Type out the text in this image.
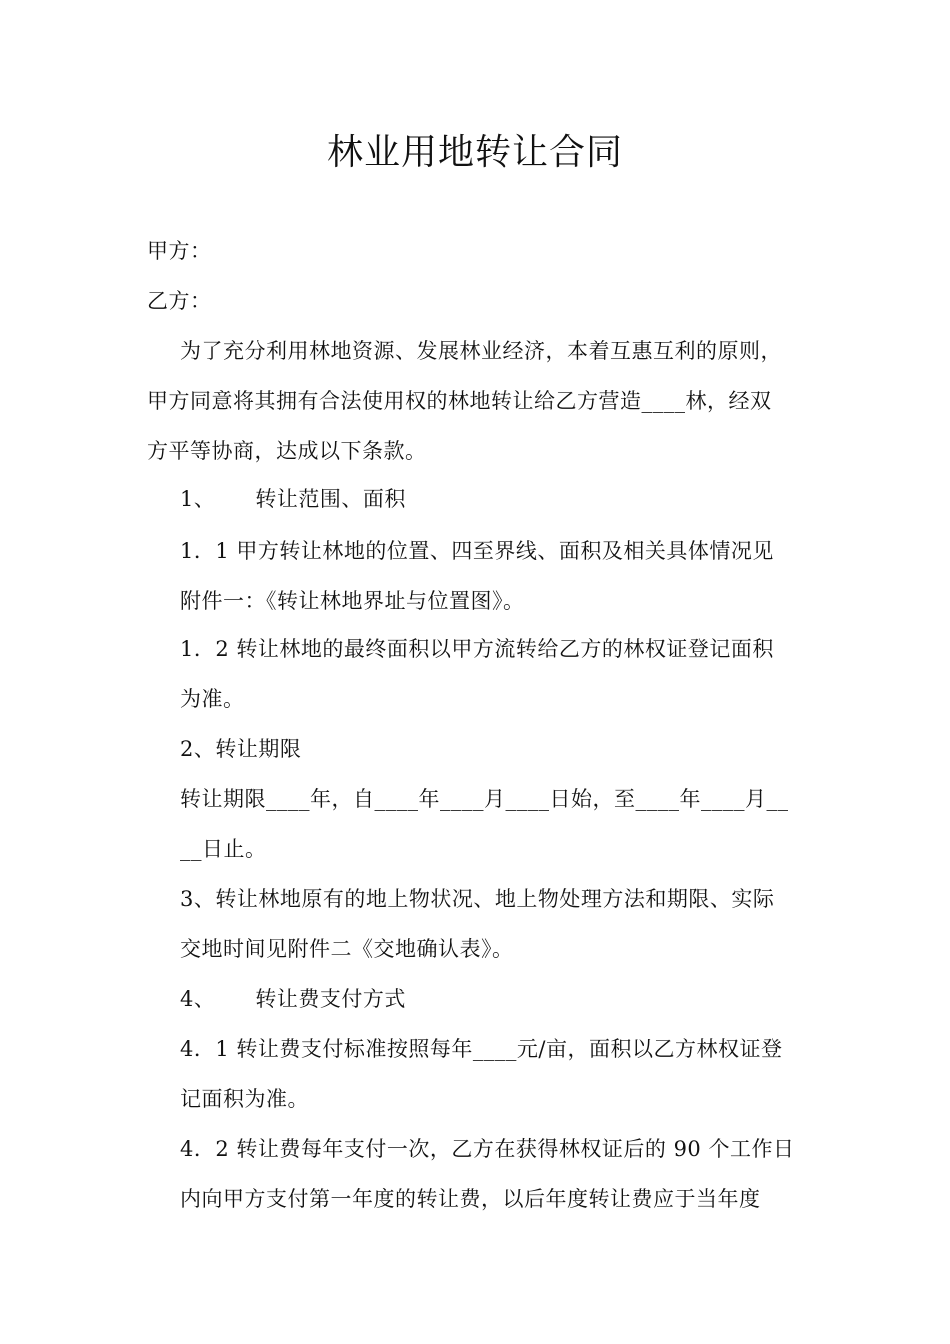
林业用地转让合同
甲方：
乙方：
为了充分利用林地资源、发展林业经济，本着互惠互利的原则，
甲方同意将其拥有合法使用权的林地转让给乙方营造____林，经双
方平等协商，达成以下条款。
1、 转让范围、面积
1．1 甲方转让林地的位置、四至界线、面积及相关具体情况见
附件一：《转让林地界址与位置图》。
1．2 转让林地的最终面积以甲方流转给乙方的林权证登记面积
为准。
2、转让期限
转让期限____年，自____年____月____日始，至____年____月__
__日止。
3、转让林地原有的地上物状况、地上物处理方法和期限、实际
交地时间见附件二《交地确认表》。
4、 转让费支付方式
4．1 转让费支付标准按照每年____元/亩，面积以乙方林权证登
记面积为准。
4．2 转让费每年支付一次，乙方在获得林权证后的 90 个工作日
内向甲方支付第一年度的转让费，以后年度转让费应于当年度
